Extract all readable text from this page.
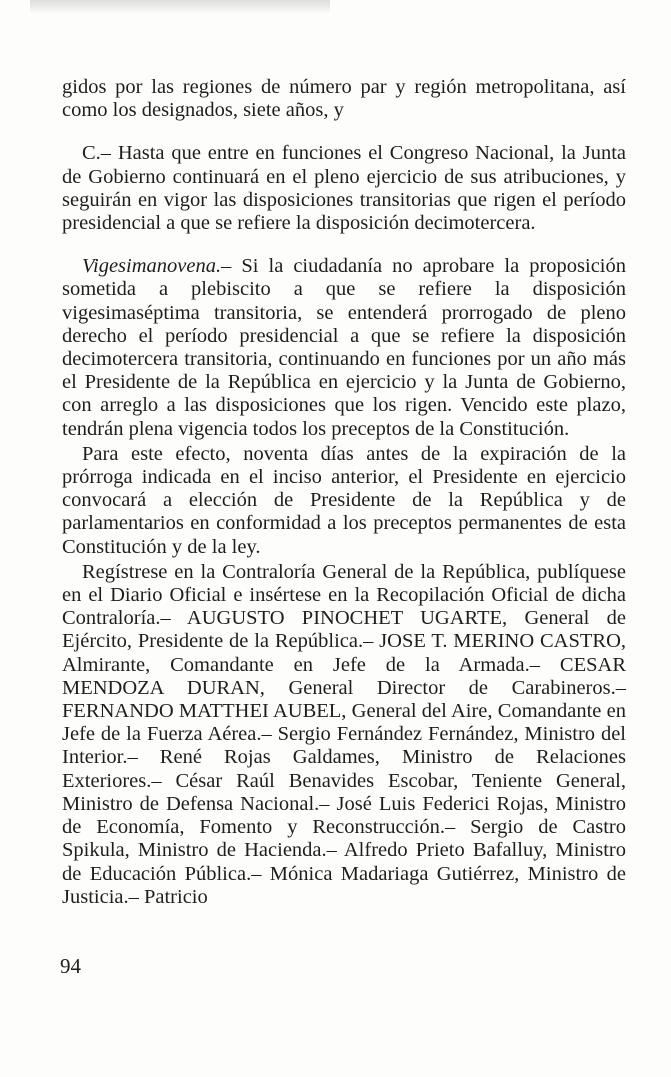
gidos por las regiones de número par y región metropolitana, así como los designados, siete años, y

C.– Hasta que entre en funciones el Congreso Nacional, la Junta de Gobierno continuará en el pleno ejercicio de sus atribuciones, y seguirán en vigor las disposiciones transitorias que rigen el período presidencial a que se refiere la disposición decimotercera.

Vigesimanovena.– Si la ciudadanía no aprobare la proposición sometida a plebiscito a que se refiere la disposición vigesimaséptima transitoria, se entenderá prorrogado de pleno derecho el período presidencial a que se refiere la disposición decimotercera transitoria, continuando en funciones por un año más el Presidente de la República en ejercicio y la Junta de Gobierno, con arreglo a las disposiciones que los rigen. Vencido este plazo, tendrán plena vigencia todos los preceptos de la Constitución.

Para este efecto, noventa días antes de la expiración de la prórroga indicada en el inciso anterior, el Presidente en ejercicio convocará a elección de Presidente de la República y de parlamentarios en conformidad a los preceptos permanentes de esta Constitución y de la ley.

Regístrese en la Contraloría General de la República, publíquese en el Diario Oficial e insértese en la Recopilación Oficial de dicha Contraloría.– AUGUSTO PINOCHET UGARTE, General de Ejército, Presidente de la República.– JOSE T. MERINO CASTRO, Almirante, Comandante en Jefe de la Armada.– CESAR MENDOZA DURAN, General Director de Carabineros.– FERNANDO MATTHEI AUBEL, General del Aire, Comandante en Jefe de la Fuerza Aérea.– Sergio Fernández Fernández, Ministro del Interior.– René Rojas Galdames, Ministro de Relaciones Exteriores.– César Raúl Benavides Escobar, Teniente General, Ministro de Defensa Nacional.– José Luis Federici Rojas, Ministro de Economía, Fomento y Reconstrucción.– Sergio de Castro Spikula, Ministro de Hacienda.– Alfredo Prieto Bafalluy, Ministro de Educación Pública.– Mónica Madariaga Gutiérrez, Ministro de Justicia.– Patricio

94
